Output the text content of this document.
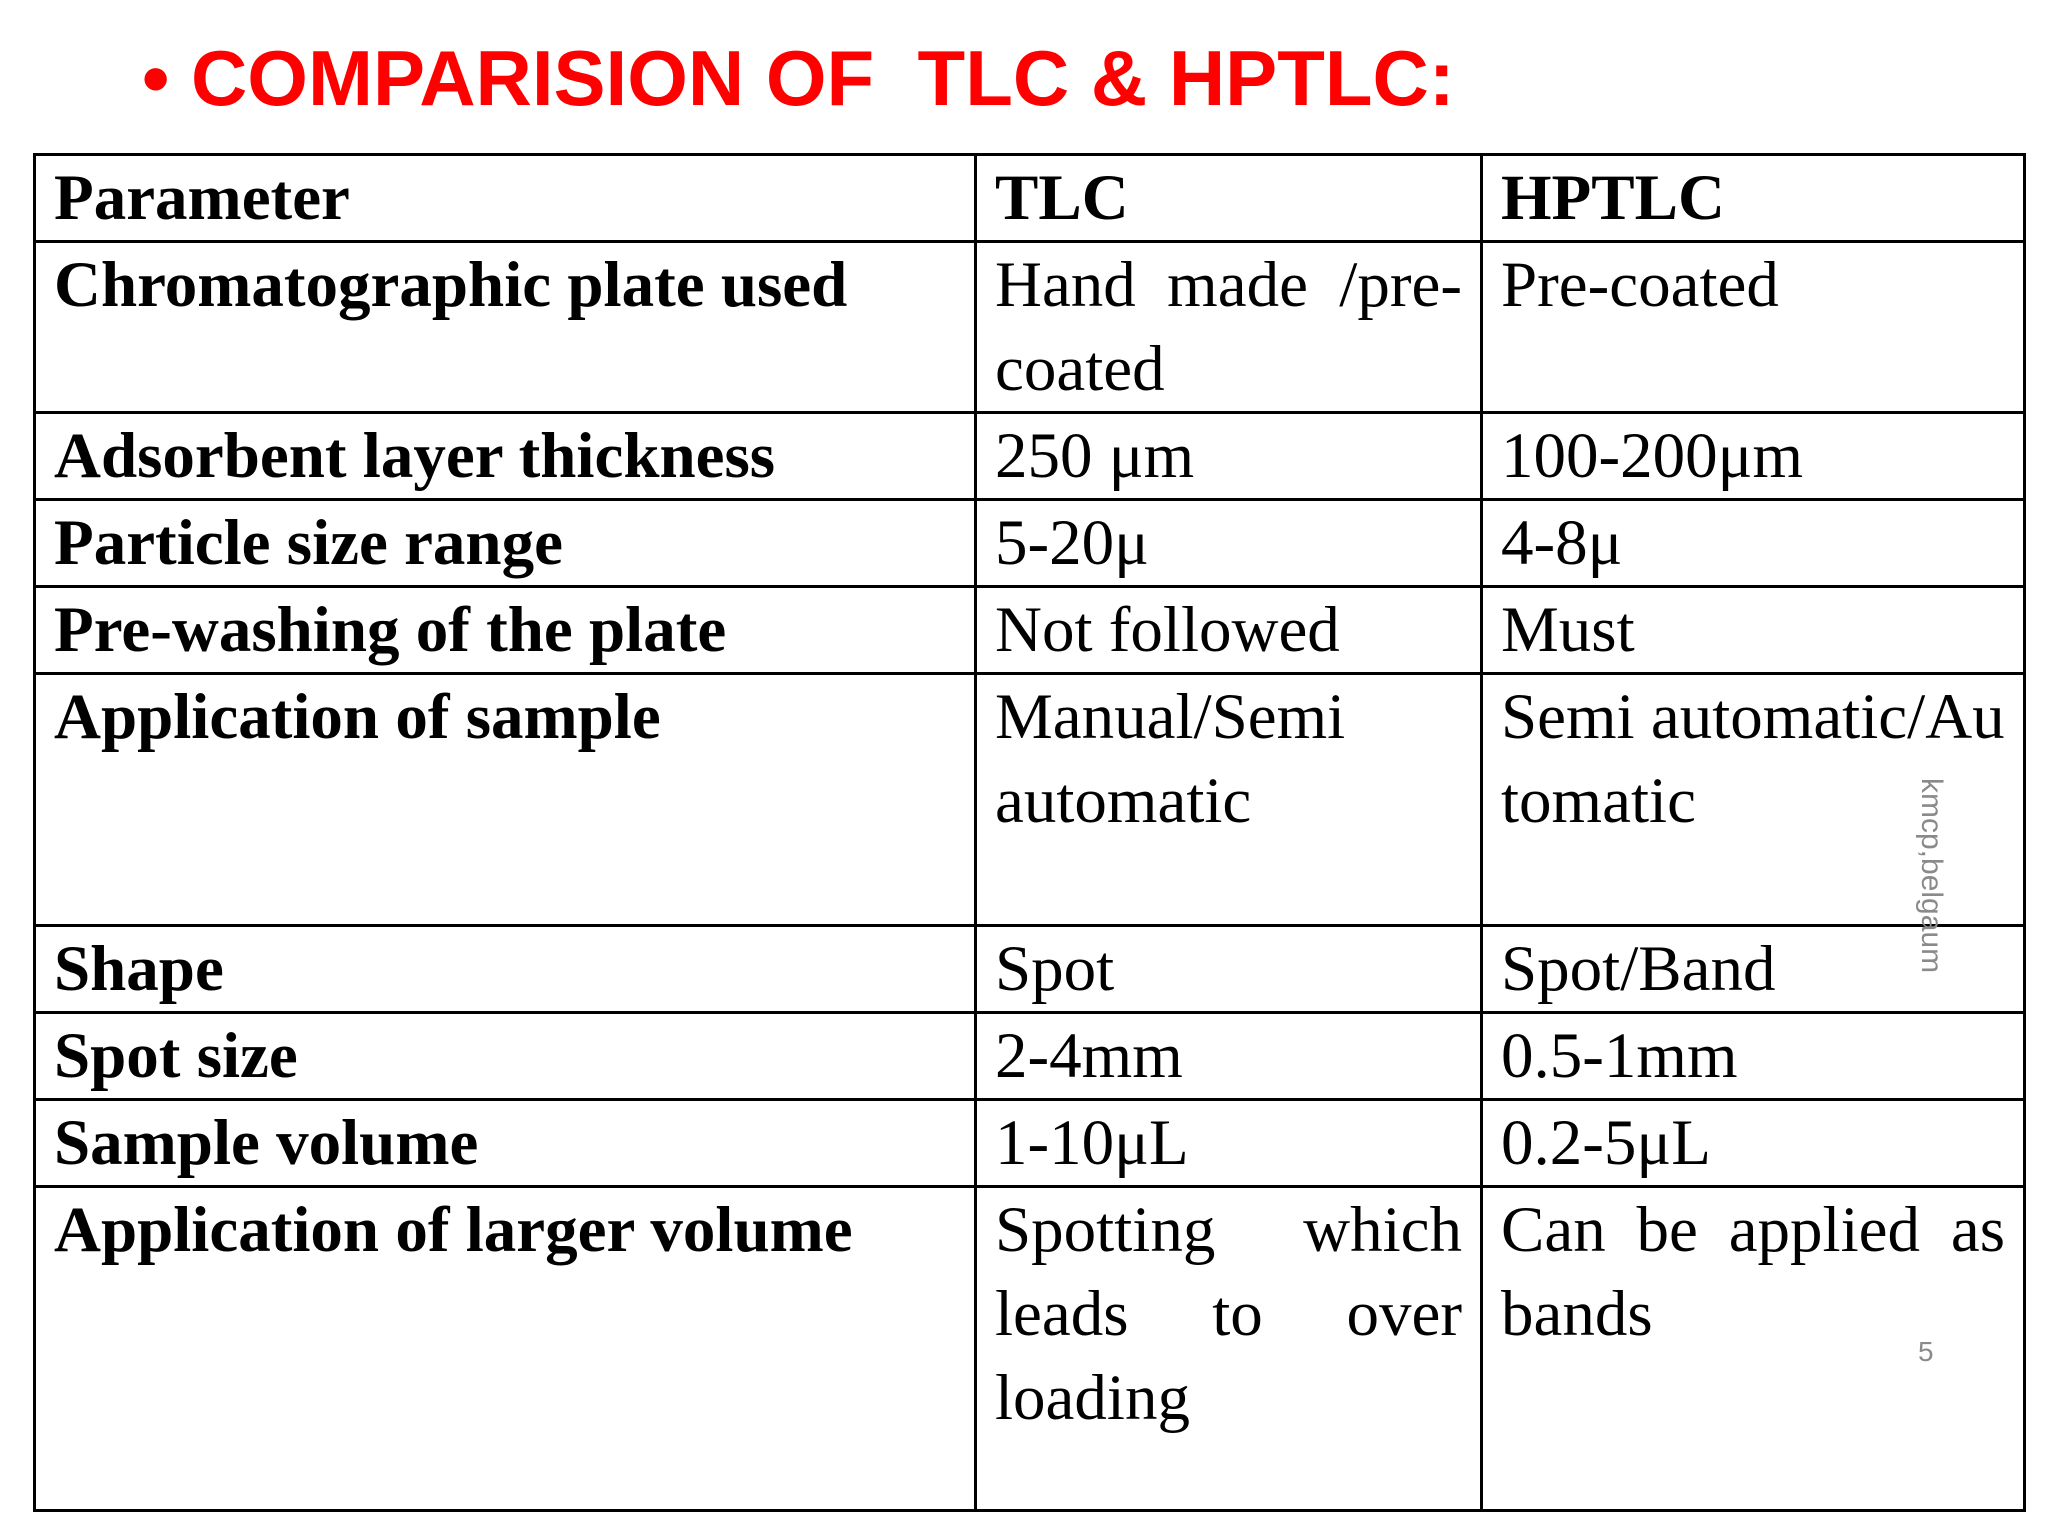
• COMPARISION OF  TLC & HPTLC:
Parameter	TLC	HPTLC
Chromatographic plate used	Hand made /pre-coated	Pre-coated
Adsorbent layer thickness	250 μm	100-200μm
Particle size range	5-20μ	4-8μ
Pre-washing of the plate	Not followed	Must
Application of sample	Manual/Semi automatic	Semi automatic/Automatic
Shape	Spot	Spot/Band
Spot size	2-4mm	0.5-1mm
Sample volume	1-10μL	0.2-5μL
Application of larger volume	Spotting which leads to over loading	Can be applied as bands
kmcp,belgaum
5
